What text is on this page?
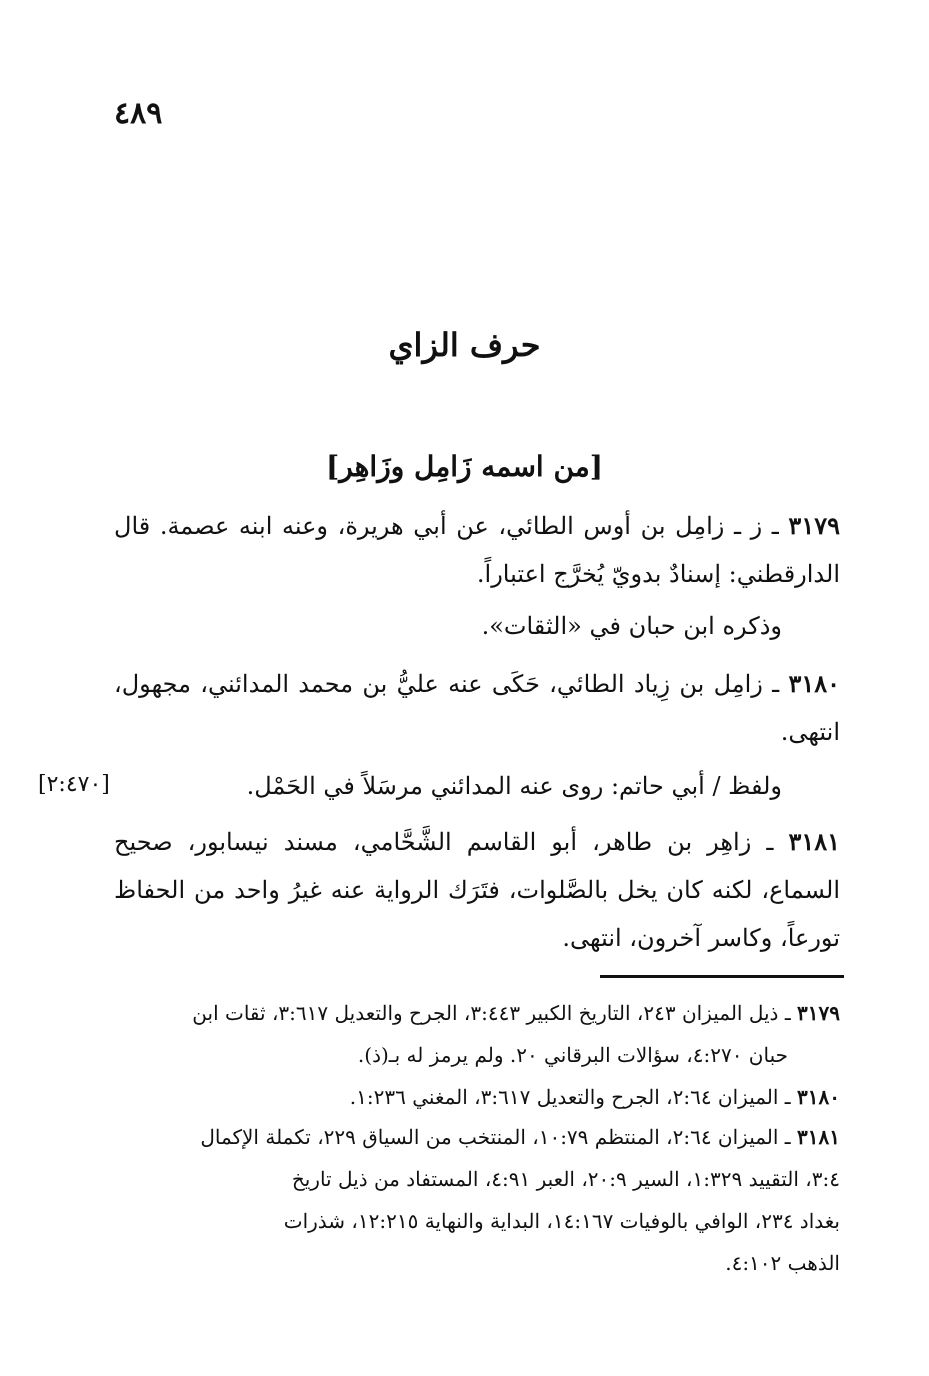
٤٨٩
حرف الزاي
[من اسمه زَامِل وزَاهِر]
٣١٧٩ ـ ز ـ زامِل بن أوس الطائي، عن أبي هريرة، وعنه ابنه عصمة. قال الدارقطني: إسنادٌ بدويّ يُخرَّج اعتباراً.
وذكره ابن حبان في «الثقات».
٣١٨٠ ـ زامِل بن زِياد الطائي، حَكَى عنه عليُّ بن محمد المدائني، مجهول، انتهى.
ولفظ / أبي حاتم: روى عنه المدائني مرسَلاً في الحَمْل.
[٢:٤٧٠]
٣١٨١ ـ زاهِر بن طاهر، أبو القاسم الشَّحَّامي، مسند نيسابور، صحيح السماع، لكنه كان يخل بالصَّلوات، فتَرَك الرواية عنه غيرُ واحد من الحفاظ تورعاً، وكاسر آخرون، انتهى.
٣١٧٩ ـ ذيل الميزان ٢٤٣، التاريخ الكبير ٣:٤٤٣، الجرح والتعديل ٣:٦١٧، ثقات ابن
حبان ٤:٢٧٠، سؤالات البرقاني ٢٠. ولم يرمز له بـ(ذ).
٣١٨٠ ـ الميزان ٢:٦٤، الجرح والتعديل ٣:٦١٧، المغني ١:٢٣٦.
٣١٨١ ـ الميزان ٢:٦٤، المنتظم ١٠:٧٩، المنتخب من السياق ٢٢٩، تكملة الإكمال
٣:٤، التقييد ١:٣٢٩، السير ٢٠:٩، العبر ٤:٩١، المستفاد من ذيل تاريخ
بغداد ٢٣٤، الوافي بالوفيات ١٤:١٦٧، البداية والنهاية ١٢:٢١٥، شذرات
الذهب ٤:١٠٢.
